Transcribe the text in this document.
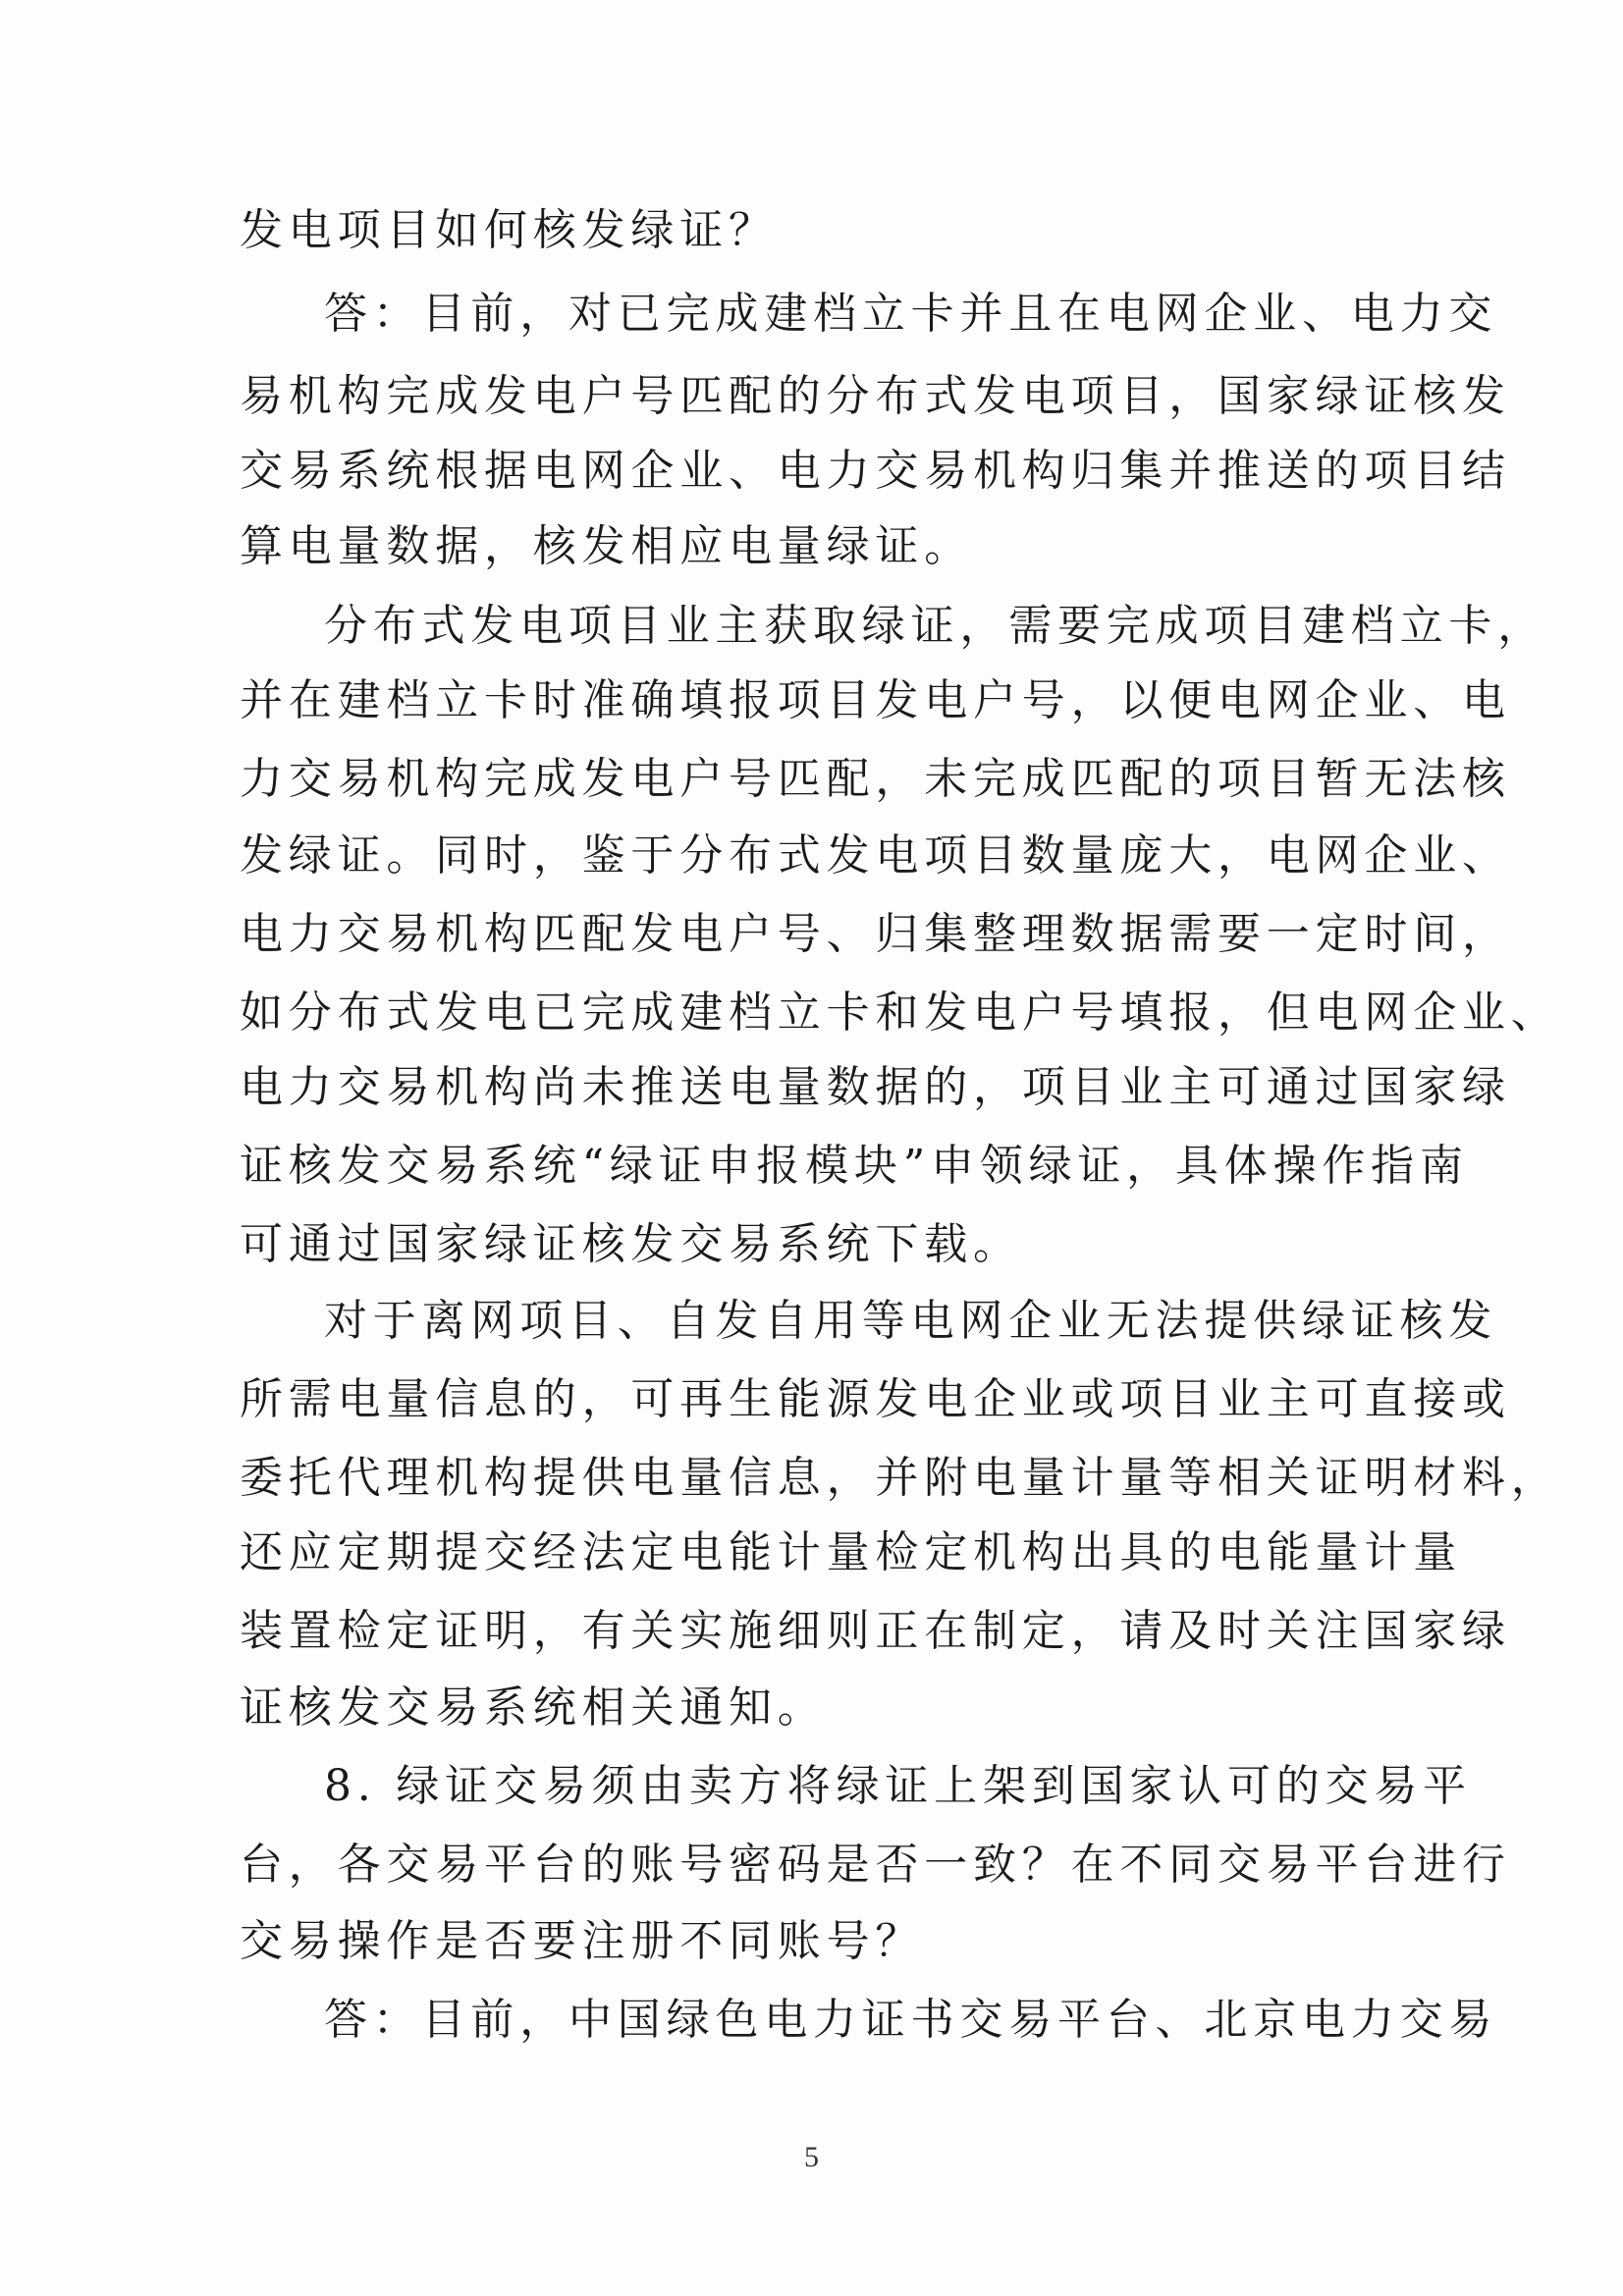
发电项目如何核发绿证？
答：目前，对已完成建档立卡并且在电网企业、电力交
易机构完成发电户号匹配的分布式发电项目，国家绿证核发
交易系统根据电网企业、电力交易机构归集并推送的项目结
算电量数据，核发相应电量绿证。
分布式发电项目业主获取绿证，需要完成项目建档立卡，
并在建档立卡时准确填报项目发电户号，以便电网企业、电
力交易机构完成发电户号匹配，未完成匹配的项目暂无法核
发绿证。同时，鉴于分布式发电项目数量庞大，电网企业、
电力交易机构匹配发电户号、归集整理数据需要一定时间，
如分布式发电已完成建档立卡和发电户号填报，但电网企业、
电力交易机构尚未推送电量数据的，项目业主可通过国家绿
证核发交易系统“绿证申报模块”申领绿证，具体操作指南
可通过国家绿证核发交易系统下载。
对于离网项目、自发自用等电网企业无法提供绿证核发
所需电量信息的，可再生能源发电企业或项目业主可直接或
委托代理机构提供电量信息，并附电量计量等相关证明材料，
还应定期提交经法定电能计量检定机构出具的电能量计量
装置检定证明，有关实施细则正在制定，请及时关注国家绿
证核发交易系统相关通知。
8. 绿证交易须由卖方将绿证上架到国家认可的交易平
台，各交易平台的账号密码是否一致？在不同交易平台进行
交易操作是否要注册不同账号？
答：目前，中国绿色电力证书交易平台、北京电力交易
5
